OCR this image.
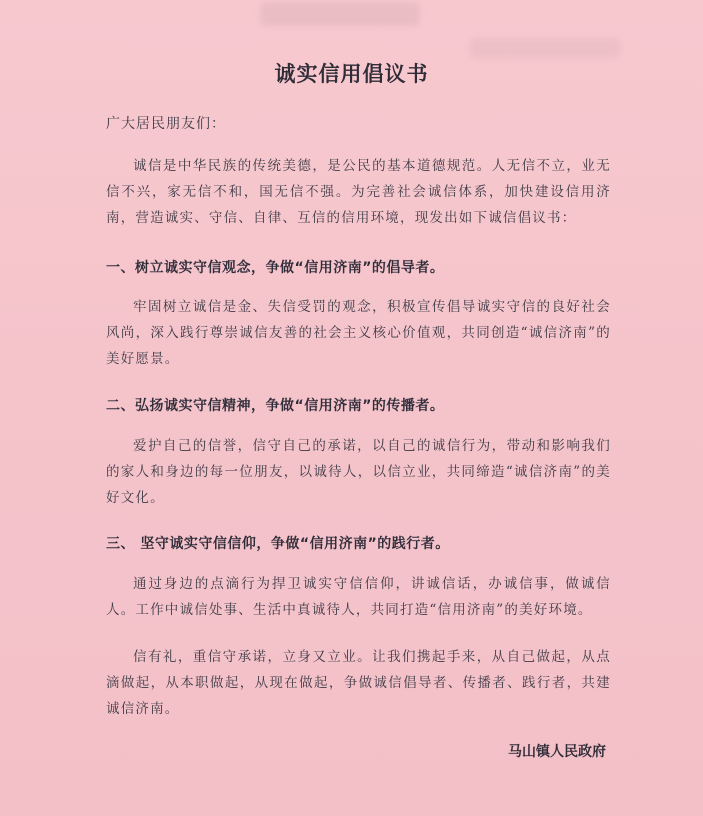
诚实信用倡议书
广大居民朋友们：

诚信是中华民族的传统美德，是公民的基本道德规范。人无信不立，业无信不兴，家无信不和，国无信不强。为完善社会诚信体系，加快建设信用济南，营造诚实、守信、自律、互信的信用环境，现发出如下诚信倡议书：

一、树立诚实守信观念，争做“信用济南”的倡导者。

牢固树立诚信是金、失信受罚的观念，积极宣传倡导诚实守信的良好社会风尚，深入践行尊崇诚信友善的社会主义核心价值观，共同创造“诚信济南”的美好愿景。

二、弘扬诚实守信精神，争做“信用济南”的传播者。

爱护自己的信誉，信守自己的承诺，以自己的诚信行为，带动和影响我们的家人和身边的每一位朋友，以诚待人，以信立业，共同缔造“诚信济南”的美好文化。

三、 坚守诚实守信信仰，争做“信用济南”的践行者。

通过身边的点滴行为捍卫诚实守信信仰，讲诚信话，办诚信事，做诚信人。工作中诚信处事、生活中真诚待人，共同打造“信用济南”的美好环境。

信有礼，重信守承诺，立身又立业。让我们携起手来，从自己做起，从点滴做起，从本职做起，从现在做起，争做诚信倡导者、传播者、践行者，共建诚信济南。

马山镇人民政府
